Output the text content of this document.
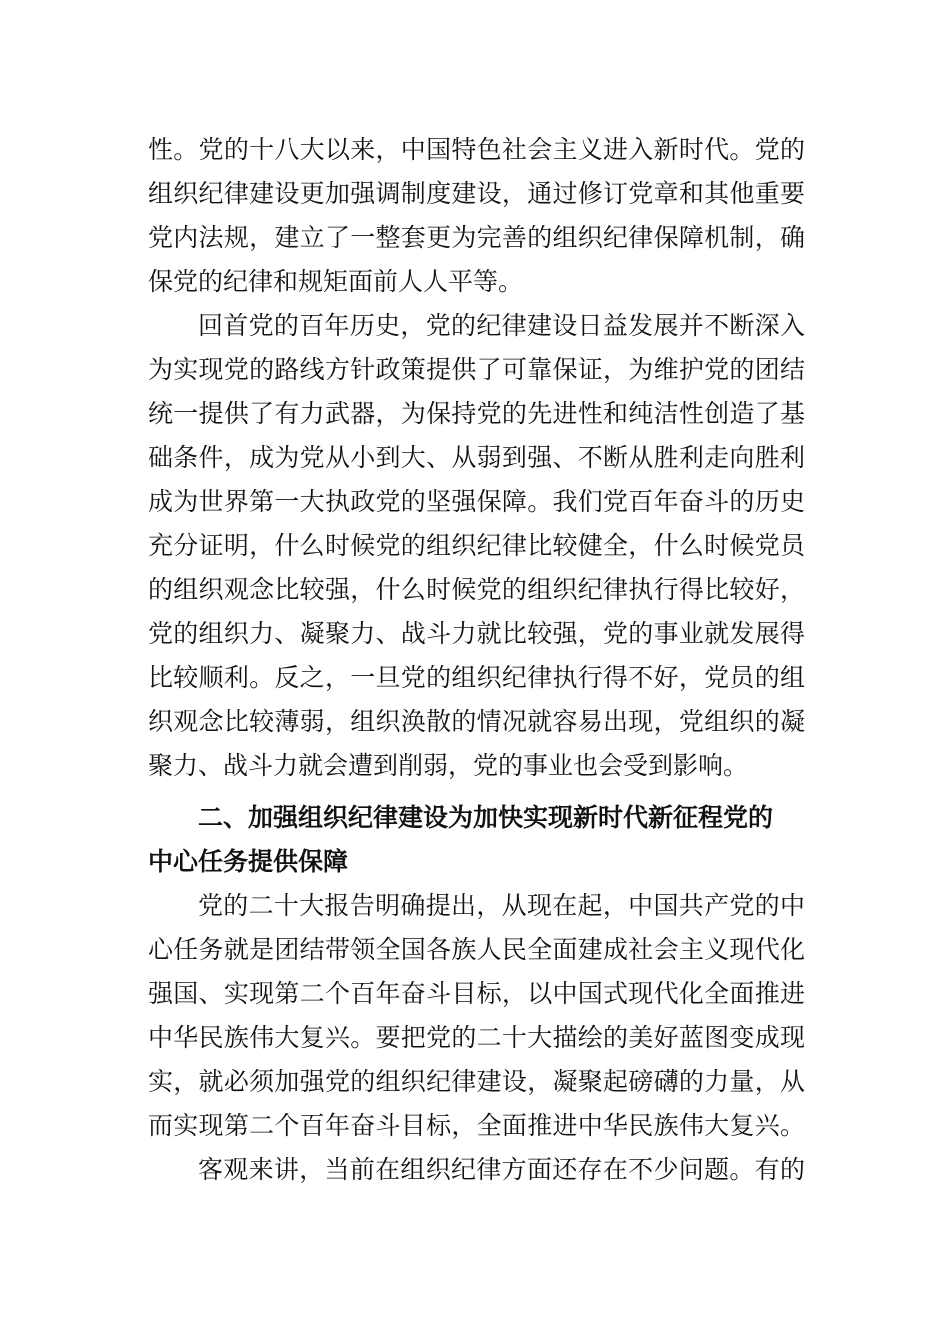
性。党的十八大以来，中国特色社会主义进入新时代。党的
组织纪律建设更加强调制度建设，通过修订党章和其他重要
党内法规，建立了一整套更为完善的组织纪律保障机制，确
保党的纪律和规矩面前人人平等。
回首党的百年历史，党的纪律建设日益发展并不断深入
为实现党的路线方针政策提供了可靠保证，为维护党的团结
统一提供了有力武器，为保持党的先进性和纯洁性创造了基
础条件，成为党从小到大、从弱到强、不断从胜利走向胜利
成为世界第一大执政党的坚强保障。我们党百年奋斗的历史
充分证明，什么时候党的组织纪律比较健全，什么时候党员
的组织观念比较强，什么时候党的组织纪律执行得比较好，
党的组织力、凝聚力、战斗力就比较强，党的事业就发展得
比较顺利。反之，一旦党的组织纪律执行得不好，党员的组
织观念比较薄弱，组织涣散的情况就容易出现，党组织的凝
聚力、战斗力就会遭到削弱，党的事业也会受到影响。
二、加强组织纪律建设为加快实现新时代新征程党的
中心任务提供保障
党的二十大报告明确提出，从现在起，中国共产党的中
心任务就是团结带领全国各族人民全面建成社会主义现代化
强国、实现第二个百年奋斗目标，以中国式现代化全面推进
中华民族伟大复兴。要把党的二十大描绘的美好蓝图变成现
实，就必须加强党的组织纪律建设，凝聚起磅礴的力量，从
而实现第二个百年奋斗目标，全面推进中华民族伟大复兴。
客观来讲，当前在组织纪律方面还存在不少问题。有的
